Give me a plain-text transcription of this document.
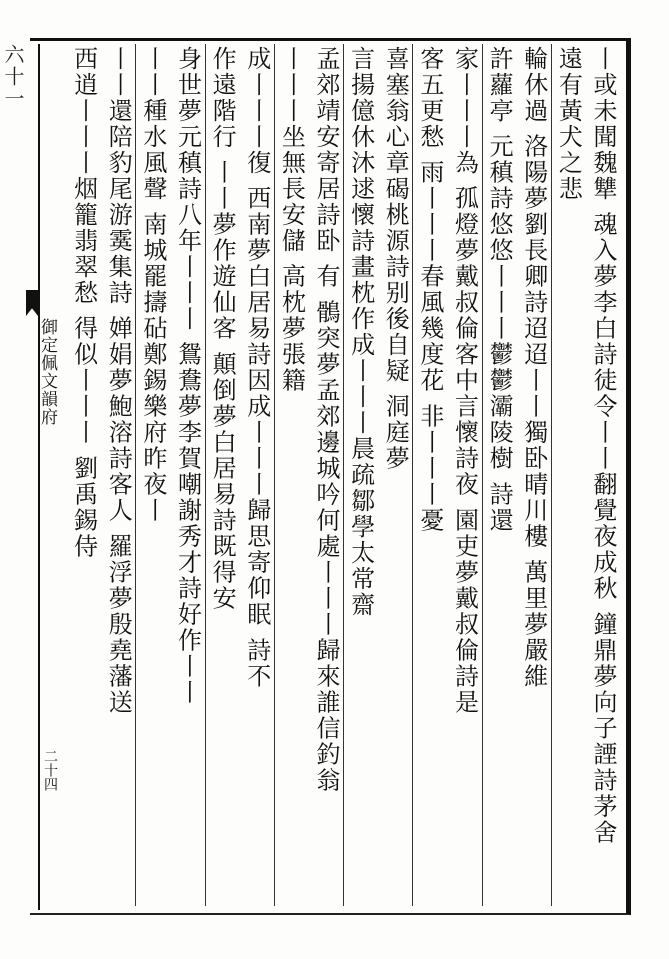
六十一
御定佩文韻府
二十四	丨或未聞魏犨 魂入夢李白詩徒令丨丨翻覺夜成秋 鐘鼎夢向子諲詩茅舍
遠有黃犬之悲
輪休過 洛陽夢劉長卿詩迢迢丨丨獨卧晴川樓 萬里夢嚴維
許蘿亭 元稹詩悠悠丨丨丨鬱鬱灞陵樹 詩還
家丨丨丨為 孤燈夢戴叔倫客中言懷詩夜 園吏夢戴叔倫詩是
客五更愁 雨丨丨丨春風幾度花 非丨丨丨憂
喜塞翁心章碣桃源詩别後自疑 洞庭夢
言揚億休沐逑懷詩畫枕作成丨丨丨晨疏鄒學太常齋
孟郊靖安寄居詩卧 有 鶻突夢孟郊邊城吟何處丨丨丨歸來誰信釣翁
丨丨丨坐無長安儲 高枕夢張籍
成丨丨丨復 西南夢白居易詩因成丨丨丨歸思寄仰眠 詩不
作遠階行 丨丨夢作遊仙客 顛倒夢白居易詩既得安
身世夢元稹詩八年丨丨丨 鴛鴦夢李賀嘲謝秀才詩好作丨丨
丨丨種水風聲 南城罷擣砧鄭錫樂府昨夜丨
丨丨還陪豹尾游霙集詩 婵娟夢鮑溶詩客人 羅浮夢殷堯藩送
西逍丨丨丨烟籠翡翠愁 得似丨丨丨 劉禹錫侍
